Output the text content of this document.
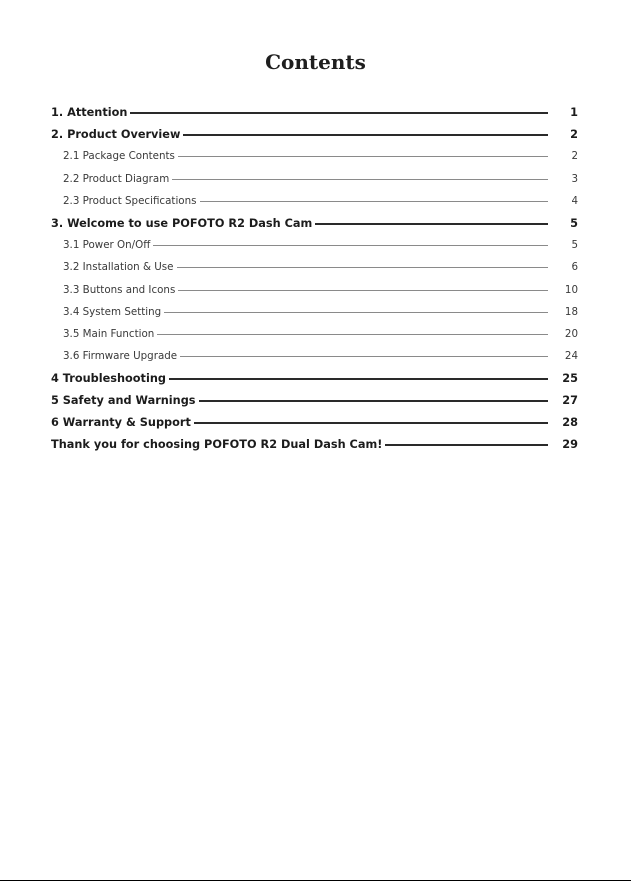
Contents
1. Attention	1
2. Product Overview	2
2.1 Package Contents	2
2.2 Product Diagram	3
2.3 Product Specifications	4
3. Welcome to use POFOTO R2 Dash Cam	5
3.1 Power On/Off	5
3.2 Installation & Use	6
3.3 Buttons and Icons	10
3.4 System Setting	18
3.5 Main Function	20
3.6 Firmware Upgrade	24
4 Troubleshooting	25
5 Safety and Warnings	27
6 Warranty & Support	28
Thank you for choosing POFOTO R2 Dual Dash Cam!	29
